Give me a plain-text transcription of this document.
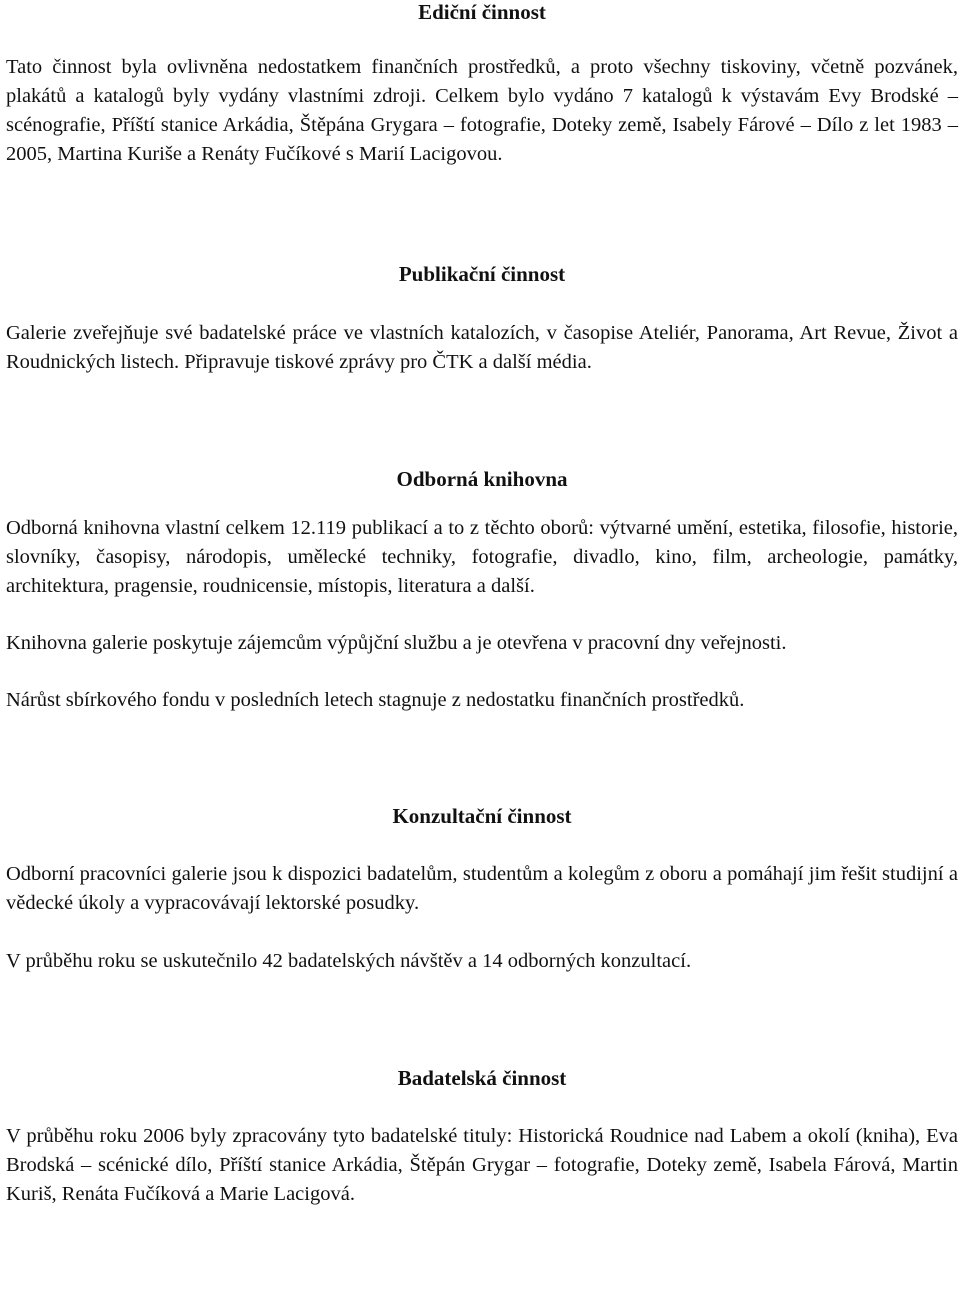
Ediční činnost

Tato činnost byla ovlivněna nedostatkem finančních prostředků, a proto všechny tiskoviny, včetně pozvánek, plakátů a katalogů byly vydány vlastními zdroji. Celkem bylo vydáno 7 katalogů k výstavám Evy Brodské – scénografie, Příští stanice Arkádia, Štěpána Grygara – fotografie, Doteky země, Isabely Fárové – Dílo z let 1983 – 2005, Martina Kuriše a Renáty Fučíkové s Marií Lacigovou.

Publikační činnost

Galerie zveřejňuje své badatelské práce ve vlastních katalozích, v časopise Ateliér, Panorama, Art Revue, Život a Roudnických listech. Připravuje tiskové zprávy pro ČTK a další média.

Odborná knihovna

Odborná knihovna vlastní celkem 12.119 publikací a to z těchto oborů: výtvarné umění, estetika, filosofie, historie, slovníky, časopisy, národopis, umělecké techniky, fotografie, divadlo, kino, film, archeologie, památky, architektura, pragensie, roudnicensie, místopis, literatura a další.

Knihovna galerie poskytuje zájemcům výpůjční službu a je otevřena v pracovní dny veřejnosti.

Nárůst sbírkového fondu v posledních letech stagnuje z nedostatku finančních prostředků.

Konzultační činnost

Odborní pracovníci galerie jsou k dispozici badatelům, studentům a kolegům z oboru a pomáhají jim řešit studijní a vědecké úkoly a vypracovávají lektorské posudky.

V průběhu roku se uskutečnilo 42 badatelských návštěv a 14 odborných konzultací.

Badatelská činnost

V průběhu roku 2006 byly zpracovány tyto badatelské tituly: Historická Roudnice nad Labem a okolí (kniha), Eva Brodská – scénické dílo, Příští stanice Arkádia, Štěpán Grygar – fotografie, Doteky země, Isabela Fárová, Martin Kuriš, Renáta Fučíková a Marie Lacigová.
